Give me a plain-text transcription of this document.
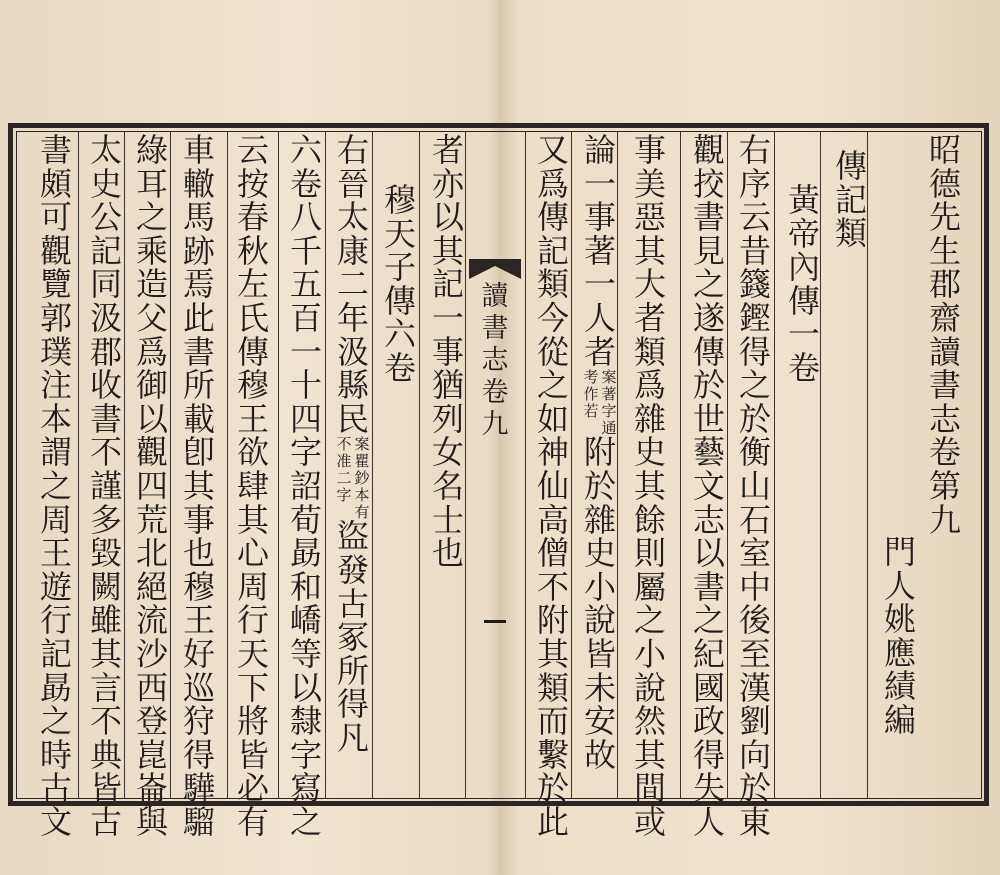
昭
德
先
生
郡
齋
讀
書
志
卷
第
九
門
人
姚
應
績
編
傳
記
類
黃
帝
內
傳
一
卷
右
序
云
昔
籛
鏗
得
之
於
衡
山
石
室
中
後
至
漢
劉
向
於
東
觀
挍
書
見
之
遂
傳
於
世
藝
文
志
以
書
之
紀
國
政
得
失
人
事
美
惡
其
大
者
類
爲
雜
史
其
餘
則
屬
之
小
說
然
其
間
或
論
一
事
著
一
人
者
案
著
字
通
考
作
若
附
於
雜
史
小
說
皆
未
安
故
又
爲
傳
記
類
今
從
之
如
神
仙
高
僧
不
附
其
類
而
繫
於
此
讀
書
志
卷
九
者
亦
以
其
記
一
事
猶
列
女
名
士
也
穆
天
子
傳
六
卷
右
晉
太
康
二
年
汲
縣
民
案
瞿
鈔
本
有
不
准
二
字
盜
發
古
冢
所
得
凡
六
卷
八
千
五
百
一
十
四
字
詔
荀
勗
和
嶠
等
以
隸
字
寫
之
云
按
春
秋
左
氏
傳
穆
王
欲
肆
其
心
周
行
天
下
將
皆
必
有
車
轍
馬
跡
焉
此
書
所
載
卽
其
事
也
穆
王
好
巡
狩
得
驊
騮
綠
耳
之
乘
造
父
爲
御
以
觀
四
荒
北
絕
流
沙
西
登
崑
崙
與
太
史
公
記
同
汲
郡
收
書
不
謹
多
毀
闕
雖
其
言
不
典
皆
古
書
頗
可
觀
覽
郭
璞
注
本
謂
之
周
王
遊
行
記
勗
之
時
古
文
